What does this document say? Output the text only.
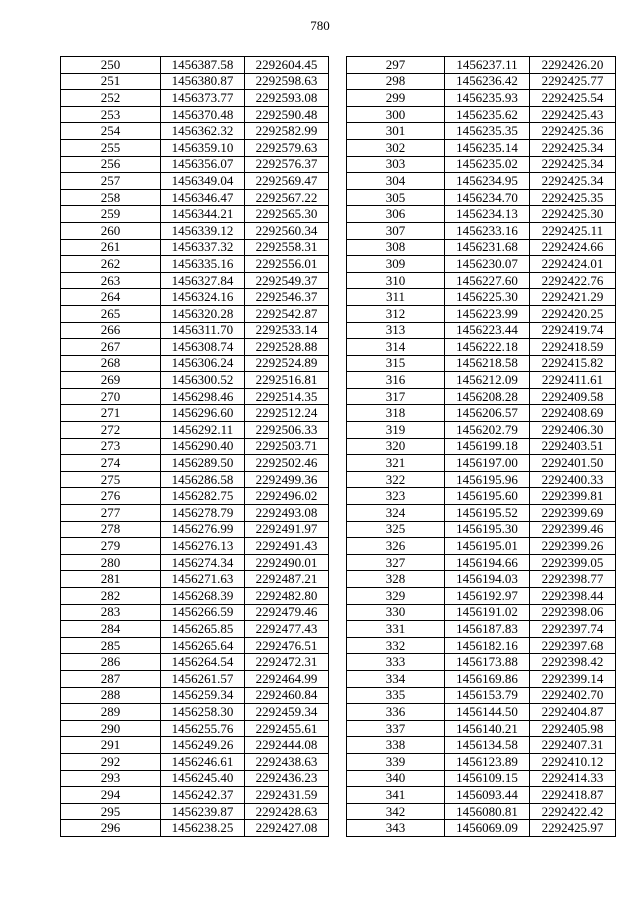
780
250	1456387.58	2292604.45
251	1456380.87	2292598.63
252	1456373.77	2292593.08
253	1456370.48	2292590.48
254	1456362.32	2292582.99
255	1456359.10	2292579.63
256	1456356.07	2292576.37
257	1456349.04	2292569.47
258	1456346.47	2292567.22
259	1456344.21	2292565.30
260	1456339.12	2292560.34
261	1456337.32	2292558.31
262	1456335.16	2292556.01
263	1456327.84	2292549.37
264	1456324.16	2292546.37
265	1456320.28	2292542.87
266	1456311.70	2292533.14
267	1456308.74	2292528.88
268	1456306.24	2292524.89
269	1456300.52	2292516.81
270	1456298.46	2292514.35
271	1456296.60	2292512.24
272	1456292.11	2292506.33
273	1456290.40	2292503.71
274	1456289.50	2292502.46
275	1456286.58	2292499.36
276	1456282.75	2292496.02
277	1456278.79	2292493.08
278	1456276.99	2292491.97
279	1456276.13	2292491.43
280	1456274.34	2292490.01
281	1456271.63	2292487.21
282	1456268.39	2292482.80
283	1456266.59	2292479.46
284	1456265.85	2292477.43
285	1456265.64	2292476.51
286	1456264.54	2292472.31
287	1456261.57	2292464.99
288	1456259.34	2292460.84
289	1456258.30	2292459.34
290	1456255.76	2292455.61
291	1456249.26	2292444.08
292	1456246.61	2292438.63
293	1456245.40	2292436.23
294	1456242.37	2292431.59
295	1456239.87	2292428.63
296	1456238.25	2292427.08
297	1456237.11	2292426.20
298	1456236.42	2292425.77
299	1456235.93	2292425.54
300	1456235.62	2292425.43
301	1456235.35	2292425.36
302	1456235.14	2292425.34
303	1456235.02	2292425.34
304	1456234.95	2292425.34
305	1456234.70	2292425.35
306	1456234.13	2292425.30
307	1456233.16	2292425.11
308	1456231.68	2292424.66
309	1456230.07	2292424.01
310	1456227.60	2292422.76
311	1456225.30	2292421.29
312	1456223.99	2292420.25
313	1456223.44	2292419.74
314	1456222.18	2292418.59
315	1456218.58	2292415.82
316	1456212.09	2292411.61
317	1456208.28	2292409.58
318	1456206.57	2292408.69
319	1456202.79	2292406.30
320	1456199.18	2292403.51
321	1456197.00	2292401.50
322	1456195.96	2292400.33
323	1456195.60	2292399.81
324	1456195.52	2292399.69
325	1456195.30	2292399.46
326	1456195.01	2292399.26
327	1456194.66	2292399.05
328	1456194.03	2292398.77
329	1456192.97	2292398.44
330	1456191.02	2292398.06
331	1456187.83	2292397.74
332	1456182.16	2292397.68
333	1456173.88	2292398.42
334	1456169.86	2292399.14
335	1456153.79	2292402.70
336	1456144.50	2292404.87
337	1456140.21	2292405.98
338	1456134.58	2292407.31
339	1456123.89	2292410.12
340	1456109.15	2292414.33
341	1456093.44	2292418.87
342	1456080.81	2292422.42
343	1456069.09	2292425.97
